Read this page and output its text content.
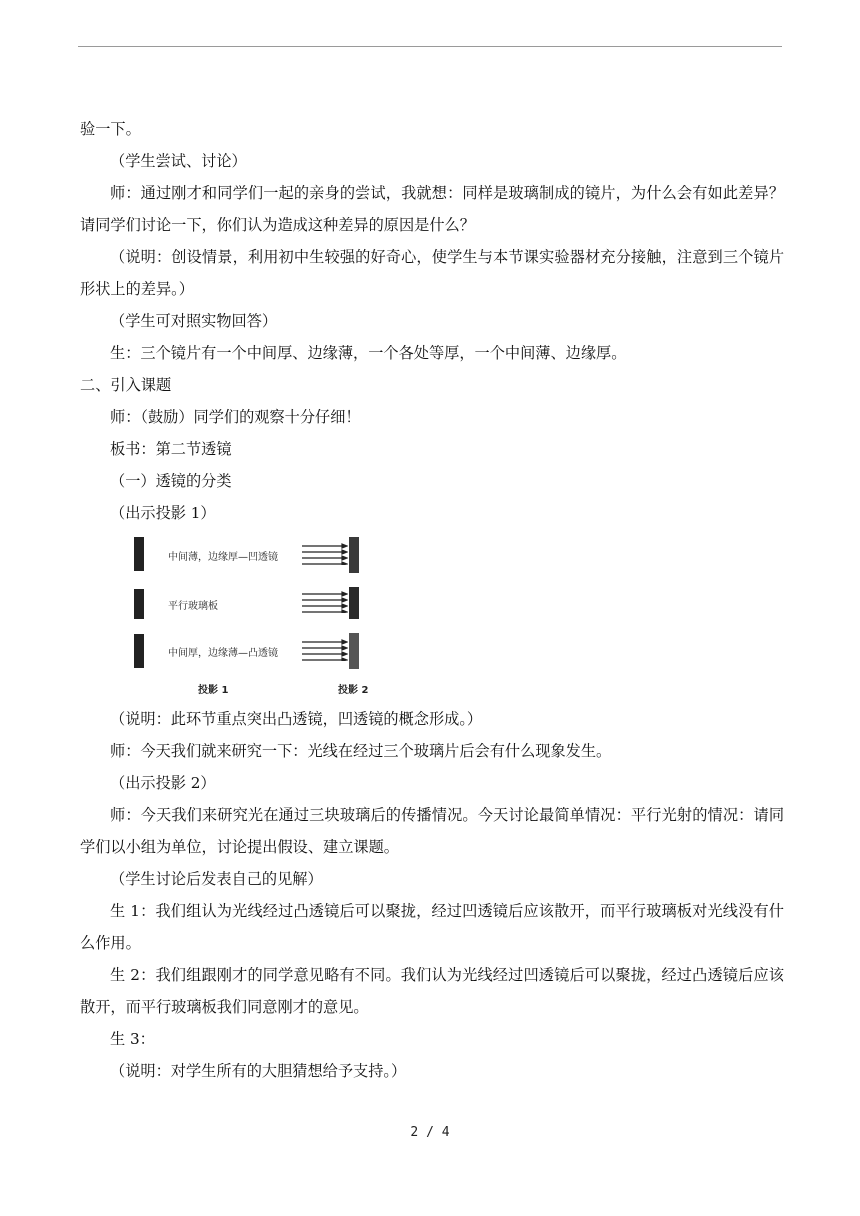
验一下。

（学生尝试、讨论）

师：通过刚才和同学们一起的亲身的尝试，我就想：同样是玻璃制成的镜片，为什么会有如此差异？请同学们讨论一下，你们认为造成这种差异的原因是什么？

（说明：创设情景，利用初中生较强的好奇心，使学生与本节课实验器材充分接触，注意到三个镜片形状上的差异。）

（学生可对照实物回答）

生：三个镜片有一个中间厚、边缘薄，一个各处等厚，一个中间薄、边缘厚。

二、引入课题

师：（鼓励）同学们的观察十分仔细！

板书：第二节透镜

（一）透镜的分类

（出示投影 1）

中间薄，边缘厚—凹透镜
平行玻璃板
中间厚，边缘薄—凸透镜
投影 1	投影 2

（说明：此环节重点突出凸透镜，凹透镜的概念形成。）

师：今天我们就来研究一下：光线在经过三个玻璃片后会有什么现象发生。

（出示投影 2）

师：今天我们来研究光在通过三块玻璃后的传播情况。今天讨论最简单情况：平行光射的情况：请同学们以小组为单位，讨论提出假设、建立课题。

（学生讨论后发表自己的见解）

生 1：我们组认为光线经过凸透镜后可以聚拢，经过凹透镜后应该散开，而平行玻璃板对光线没有什么作用。

生 2：我们组跟刚才的同学意见略有不同。我们认为光线经过凹透镜后可以聚拢，经过凸透镜后应该散开，而平行玻璃板我们同意刚才的意见。

生 3：

（说明：对学生所有的大胆猜想给予支持。）

2 / 4
